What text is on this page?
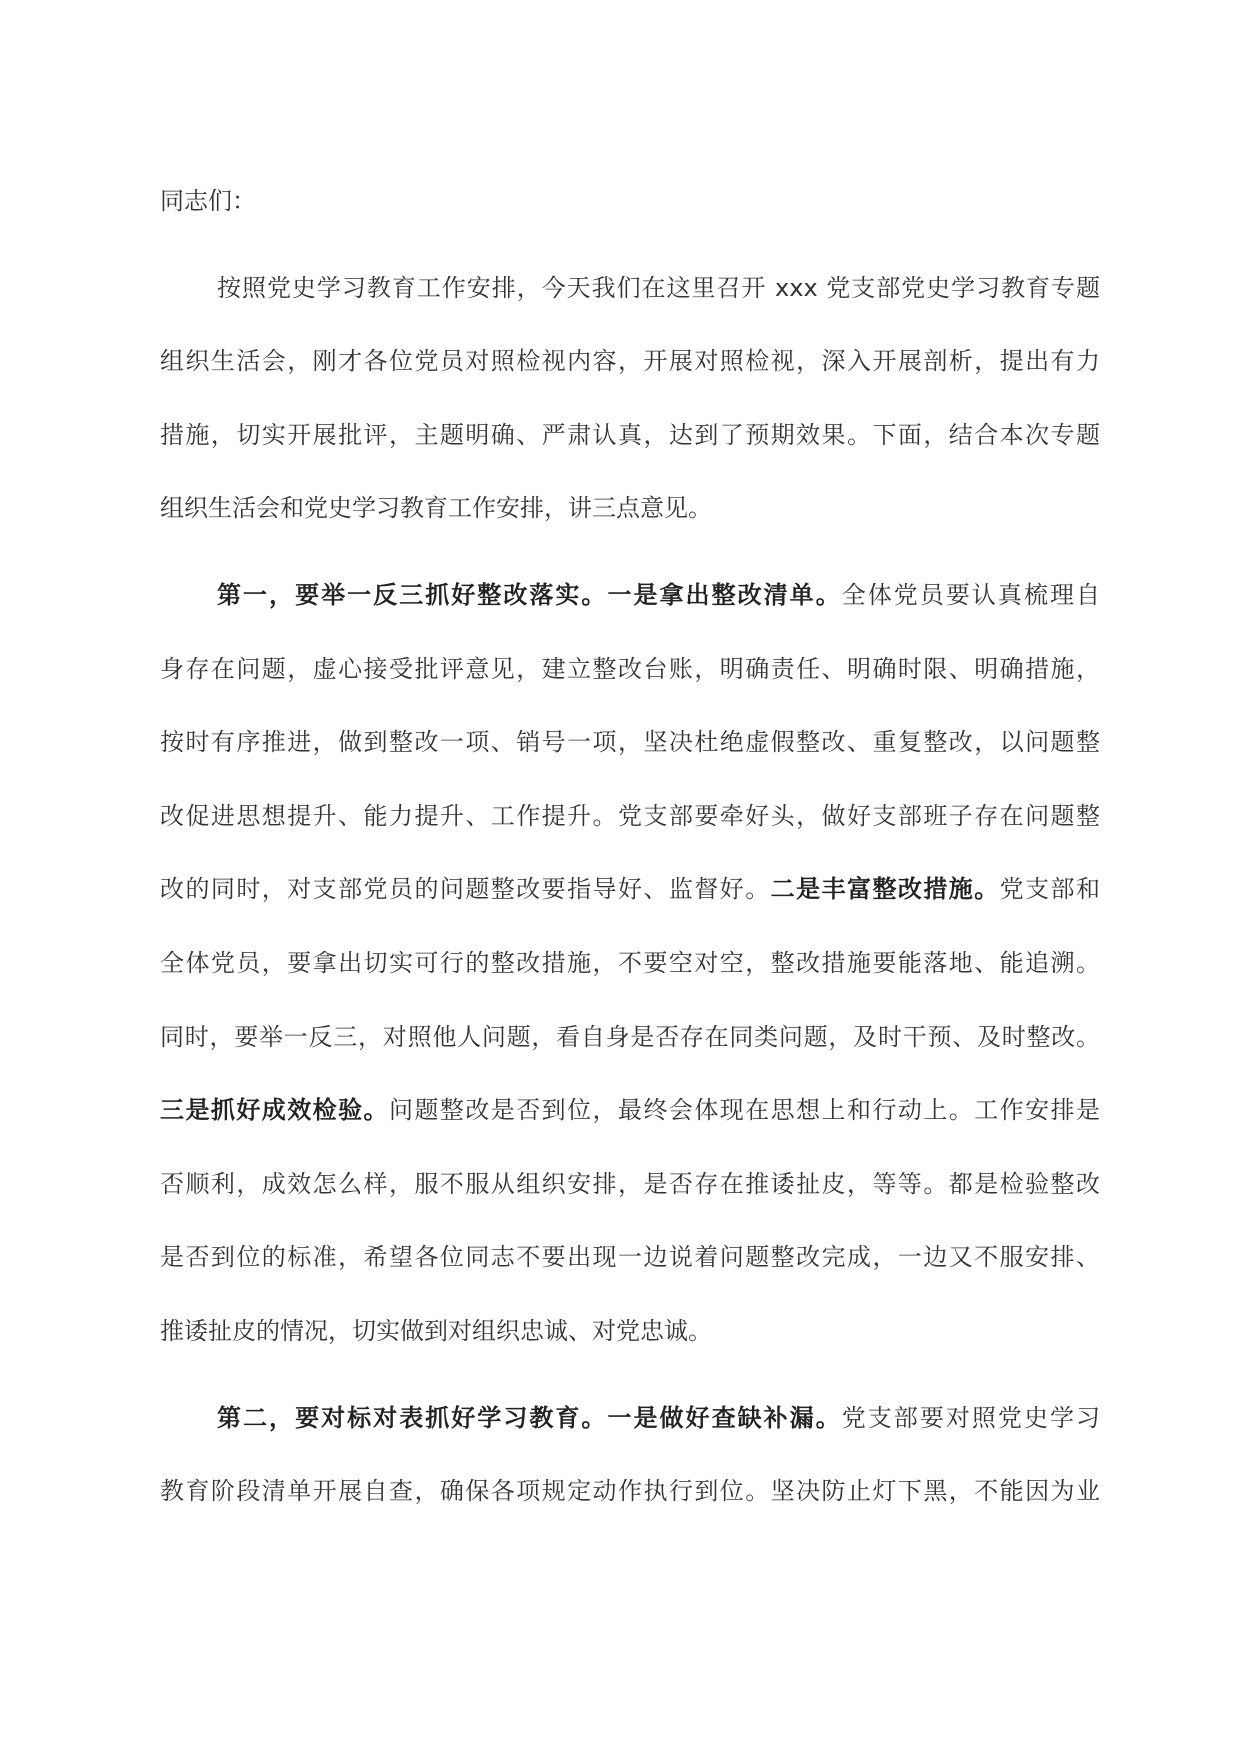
同志们：
按照党史学习教育工作安排，今天我们在这里召开 xxx 党支部党史学习教育专题
组织生活会，刚才各位党员对照检视内容，开展对照检视，深入开展剖析，提出有力
措施，切实开展批评，主题明确、严肃认真，达到了预期效果。下面，结合本次专题
组织生活会和党史学习教育工作安排，讲三点意见。
第一，要举一反三抓好整改落实。一是拿出整改清单。全体党员要认真梳理自
身存在问题，虚心接受批评意见，建立整改台账，明确责任、明确时限、明确措施，
按时有序推进，做到整改一项、销号一项，坚决杜绝虚假整改、重复整改，以问题整
改促进思想提升、能力提升、工作提升。党支部要牵好头，做好支部班子存在问题整
改的同时，对支部党员的问题整改要指导好、监督好。二是丰富整改措施。党支部和
全体党员，要拿出切实可行的整改措施，不要空对空，整改措施要能落地、能追溯。
同时，要举一反三，对照他人问题，看自身是否存在同类问题，及时干预、及时整改。
三是抓好成效检验。问题整改是否到位，最终会体现在思想上和行动上。工作安排是
否顺利，成效怎么样，服不服从组织安排，是否存在推诿扯皮，等等。都是检验整改
是否到位的标准，希望各位同志不要出现一边说着问题整改完成，一边又不服安排、
推诿扯皮的情况，切实做到对组织忠诚、对党忠诚。
第二，要对标对表抓好学习教育。一是做好查缺补漏。党支部要对照党史学习
教育阶段清单开展自查，确保各项规定动作执行到位。坚决防止灯下黑，不能因为业
